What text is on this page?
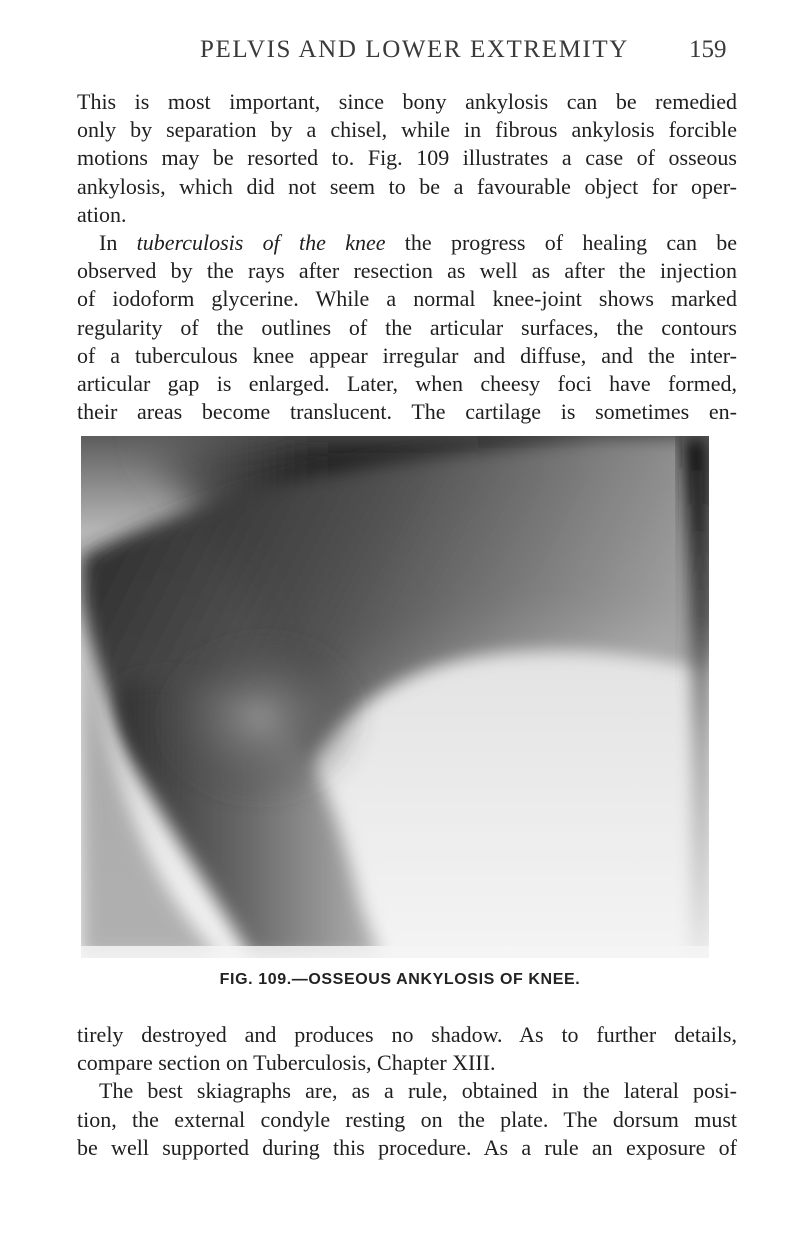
PELVIS AND LOWER EXTREMITY 159

This is most important, since bony ankylosis can be remedied
only by separation by a chisel, while in fibrous ankylosis forcible
motions may be resorted to. Fig. 109 illustrates a case of osseous
ankylosis, which did not seem to be a favourable object for oper-
ation.

In tuberculosis of the knee the progress of healing can be
observed by the rays after resection as well as after the injection
of iodoform glycerine. While a normal knee-joint shows marked
regularity of the outlines of the articular surfaces, the contours
of a tuberculous knee appear irregular and diffuse, and the inter-
articular gap is enlarged. Later, when cheesy foci have formed,
their areas become translucent. The cartilage is sometimes en-

FIG. 109.—OSSEOUS ANKYLOSIS OF KNEE.

tirely destroyed and produces no shadow. As to further details,
compare section on Tuberculosis, Chapter XIII.

The best skiagraphs are, as a rule, obtained in the lateral posi-
tion, the external condyle resting on the plate. The dorsum must
be well supported during this procedure. As a rule an exposure of
